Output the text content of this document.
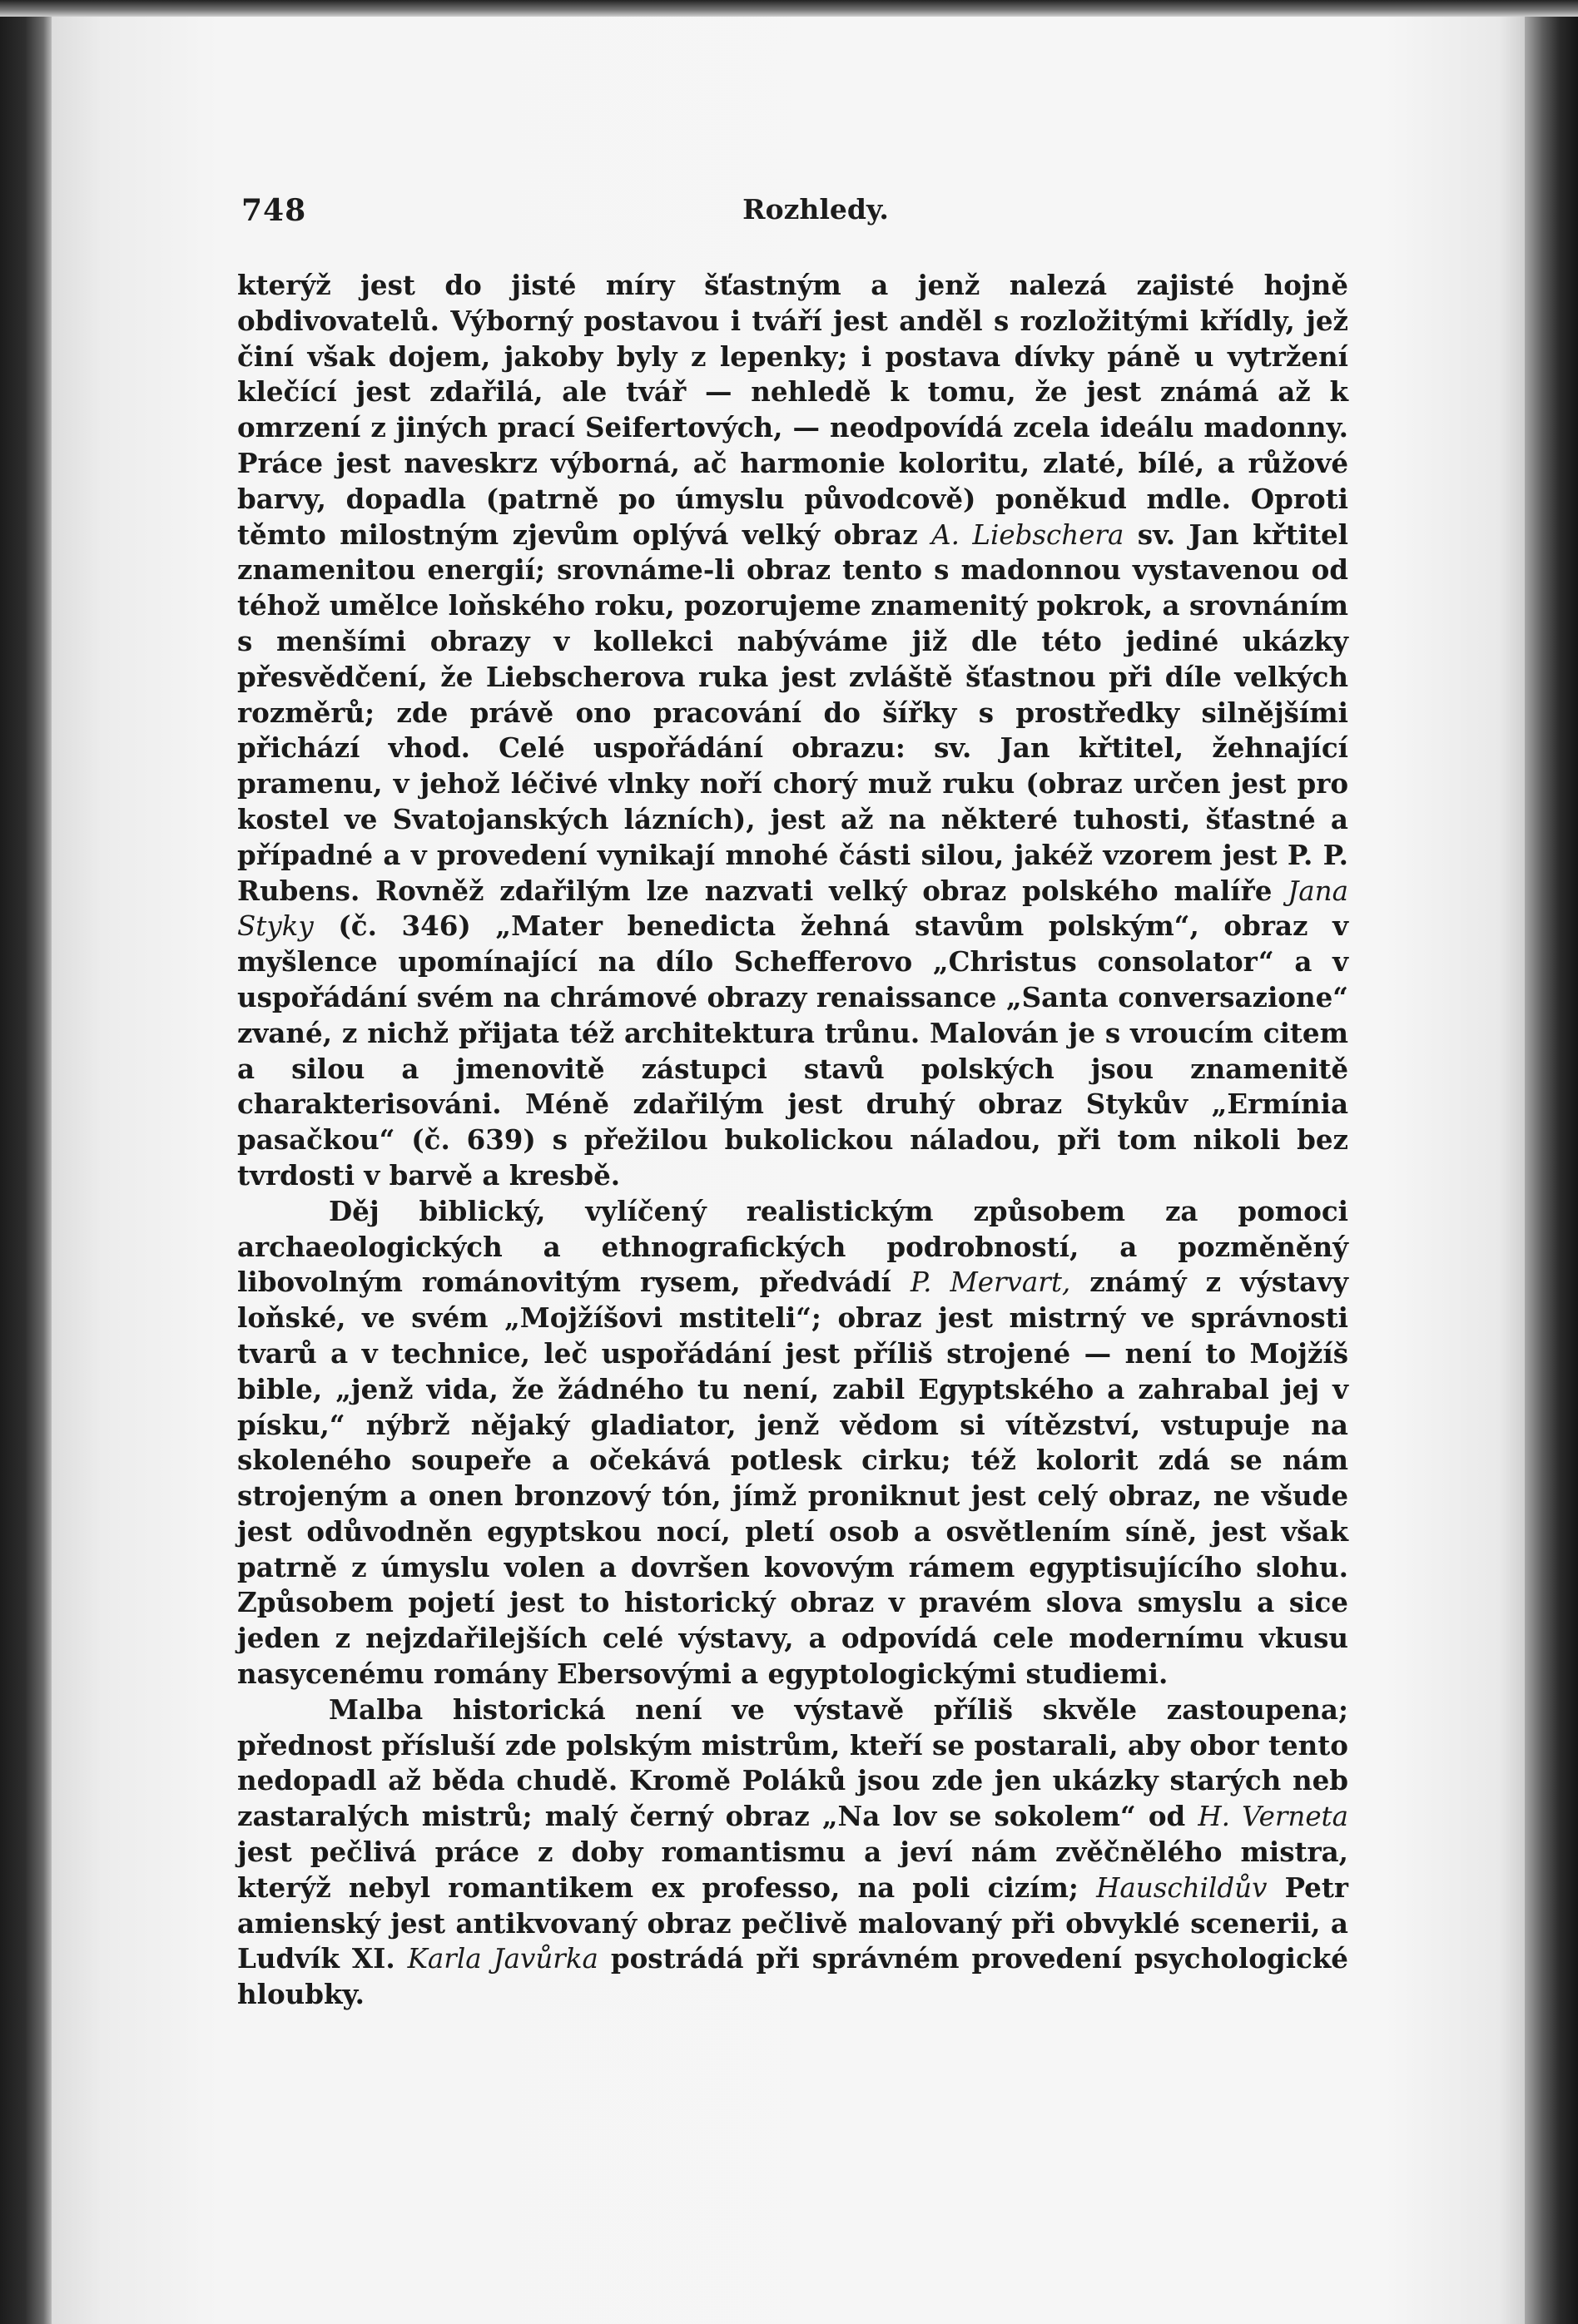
748	Rozhledy.

kterýž jest do jisté míry šťastným a jenž nalezá zajisté hojně obdivovatelů. Výborný postavou i tváří jest anděl s rozložitými křídly, jež činí však dojem, jakoby byly z lepenky; i postava dívky páně u vytržení klečící jest zdařilá, ale tvář — nehledě k tomu, že jest známá až k omrzení z jiných prací Seifertových, — neodpovídá zcela ideálu madonny. Práce jest naveskrz výborná, ač harmonie koloritu, zlaté, bílé, a růžové barvy, dopadla (patrně po úmyslu původcově) poněkud mdle. Oproti těmto milostným zjevům oplývá velký obraz A. Liebschera sv. Jan křtitel znamenitou energií; srovnáme-li obraz tento s madonnou vystavenou od téhož umělce loňského roku, pozorujeme znamenitý pokrok, a srovnáním s menšími obrazy v kollekci nabýváme již dle této jediné ukázky přesvědčení, že Liebscherova ruka jest zvláště šťastnou při díle velkých rozměrů; zde právě ono pracování do šířky s prostředky silnějšími přichází vhod. Celé uspořádání obrazu: sv. Jan křtitel, žehnající pramenu, v jehož léčivé vlnky noří chorý muž ruku (obraz určen jest pro kostel ve Svatojanských lázních), jest až na některé tuhosti, šťastné a případné a v provedení vynikají mnohé části silou, jakéž vzorem jest P. P. Rubens. Rovněž zdařilým lze nazvati velký obraz polského malíře Jana Styky (č. 346) „Mater benedicta žehná stavům polským“, obraz v myšlence upomínající na dílo Schefferovo „Christus consolator“ a v uspořádání svém na chrámové obrazy renaissance „Santa conversazione“ zvané, z nichž přijata též architektura trůnu. Malován je s vroucím citem a silou a jmenovitě zástupci stavů polských jsou znamenitě charakterisováni. Méně zdařilým jest druhý obraz Stykův „Ermínia pasačkou“ (č. 639) s přežilou bukolickou náladou, při tom nikoli bez tvrdosti v barvě a kresbě.

Děj biblický, vylíčený realistickým způsobem za pomoci archaeologických a ethnografických podrobností, a pozměněný libovolným románovitým rysem, předvádí P. Mervart, známý z výstavy loňské, ve svém „Mojžíšovi mstiteli“; obraz jest mistrný ve správnosti tvarů a v technice, leč uspořádání jest příliš strojené — není to Mojžíš bible, „jenž vida, že žádného tu není, zabil Egyptského a zahrabal jej v písku,“ nýbrž nějaký gladiator, jenž vědom si vítězství, vstupuje na skoleného soupeře a očekává potlesk cirku; též kolorit zdá se nám strojeným a onen bronzový tón, jímž proniknut jest celý obraz, ne všude jest odůvodněn egyptskou nocí, pletí osob a osvětlením síně, jest však patrně z úmyslu volen a dovršen kovovým rámem egyptisujícího slohu. Způsobem pojetí jest to historický obraz v pravém slova smyslu a sice jeden z nejzdařilejších celé výstavy, a odpovídá cele modernímu vkusu nasycenému romány Ebersovými a egyptologickými studiemi.

Malba historická není ve výstavě příliš skvěle zastoupena; přednost přísluší zde polským mistrům, kteří se postarali, aby obor tento nedopadl až běda chudě. Kromě Poláků jsou zde jen ukázky starých neb zastaralých mistrů; malý černý obraz „Na lov se sokolem“ od H. Verneta jest pečlivá práce z doby romantismu a jeví nám zvěčnělého mistra, kterýž nebyl romantikem ex professo, na poli cizím; Hauschildův Petr amienský jest antikvovaný obraz pečlivě malovaný při obvyklé scenerii, a Ludvík XI. Karla Javůrka postrádá při správném provedení psychologické hloubky.
